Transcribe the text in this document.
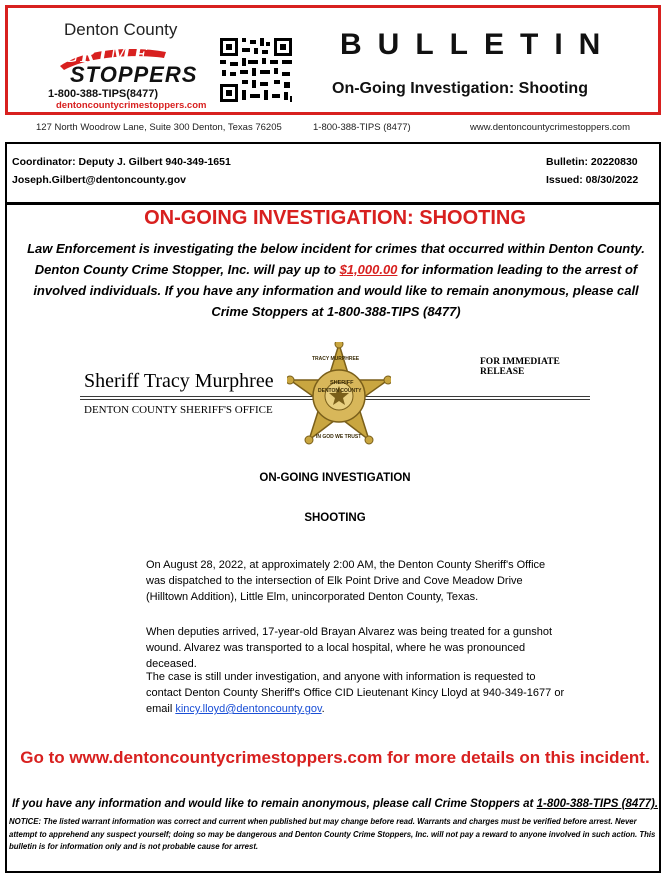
Denton County
CRIME
STOPPERS
1-800-388-TIPS(8477)
dentoncountycrimestoppers.com
BULLETIN
On-Going Investigation: Shooting
127 North Woodrow Lane, Suite 300 Denton, Texas 76205	1-800-388-TIPS (8477)	www.dentoncountycrimestoppers.com
Coordinator: Deputy J. Gilbert 940-349-1651
Joseph.Gilbert@dentoncounty.gov
Bulletin: 20220830
Issued: 08/30/2022
ON-GOING INVESTIGATION: SHOOTING
Law Enforcement is investigating the below incident for crimes that occurred within Denton County. Denton County Crime Stopper, Inc. will pay up to $1,000.00 for information leading to the arrest of involved individuals. If you have any information and would like to remain anonymous, please call Crime Stoppers at 1-800-388-TIPS (8477)
FOR IMMEDIATE RELEASE
Sheriff Tracy Murphree
DENTON COUNTY SHERIFF'S OFFICE
TRACY MURPHREE
SHERIFF
DENTON COUNTY
IN GOD WE TRUST
ON-GOING INVESTIGATION
SHOOTING
On August 28, 2022, at approximately 2:00 AM, the Denton County Sheriff's Office was dispatched to the intersection of Elk Point Drive and Cove Meadow Drive (Hilltown Addition), Little Elm, unincorporated Denton County, Texas.
When deputies arrived, 17-year-old Brayan Alvarez was being treated for a gunshot wound. Alvarez was transported to a local hospital, where he was pronounced deceased.
The case is still under investigation, and anyone with information is requested to contact Denton County Sheriff's Office CID Lieutenant Kincy Lloyd at 940-349-1677 or email kincy.lloyd@dentoncounty.gov.
Go to www.dentoncountycrimestoppers.com for more details on this incident.
If you have any information and would like to remain anonymous, please call Crime Stoppers at 1-800-388-TIPS (8477).
NOTICE: The listed warrant information was correct and current when published but may change before read. Warrants and charges must be verified before arrest. Never attempt to apprehend any suspect yourself; doing so may be dangerous and Denton County Crime Stoppers, Inc. will not pay a reward to anyone involved in such action. This bulletin is for information only and is not probable cause for arrest.
